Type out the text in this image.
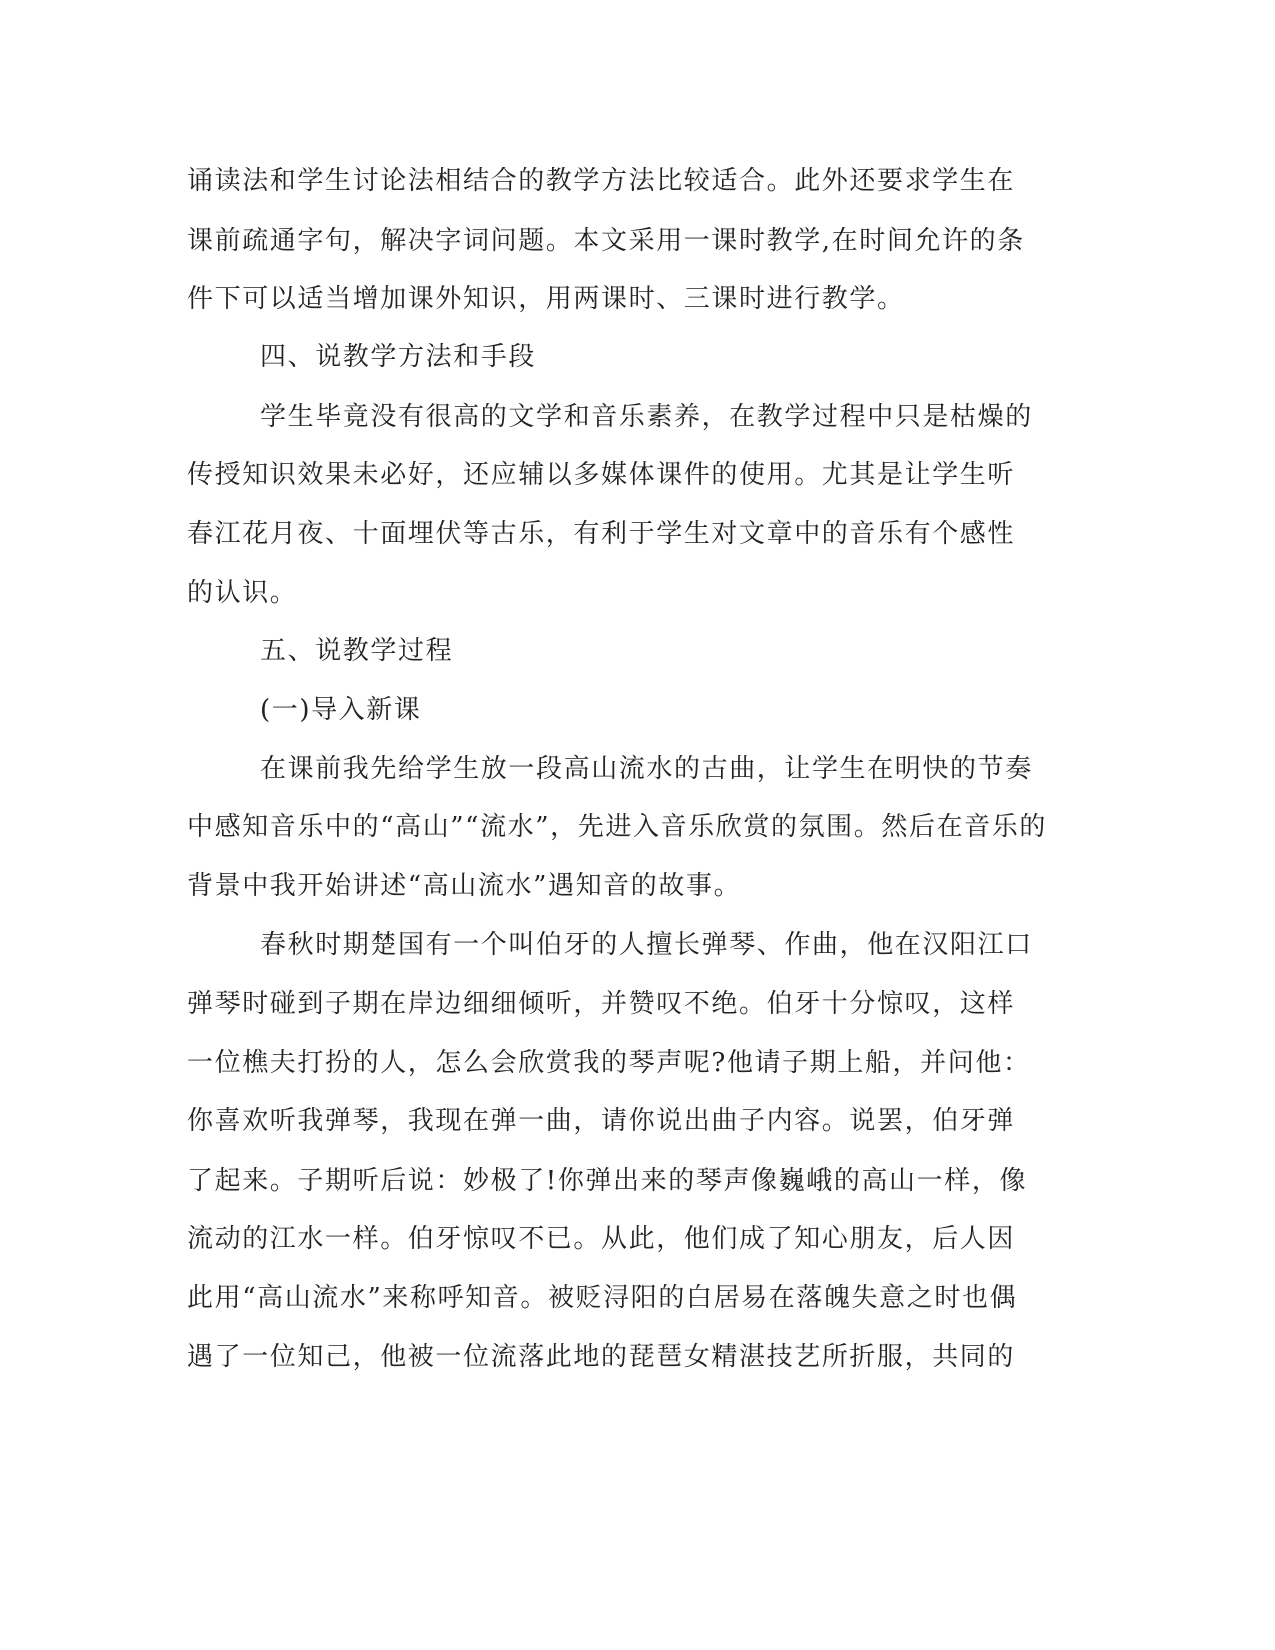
诵读法和学生讨论法相结合的教学方法比较适合。此外还要求学生在
课前疏通字句，解决字词问题。本文采用一课时教学,在时间允许的条
件下可以适当增加课外知识，用两课时、三课时进行教学。
四、说教学方法和手段
学生毕竟没有很高的文学和音乐素养，在教学过程中只是枯燥的
传授知识效果未必好，还应辅以多媒体课件的使用。尤其是让学生听
春江花月夜、十面埋伏等古乐，有利于学生对文章中的音乐有个感性
的认识。
五、说教学过程
(一)导入新课
在课前我先给学生放一段高山流水的古曲，让学生在明快的节奏
中感知音乐中的“高山”“流水”，先进入音乐欣赏的氛围。然后在音乐的
背景中我开始讲述“高山流水”遇知音的故事。
春秋时期楚国有一个叫伯牙的人擅长弹琴、作曲，他在汉阳江口
弹琴时碰到子期在岸边细细倾听，并赞叹不绝。伯牙十分惊叹，这样
一位樵夫打扮的人，怎么会欣赏我的琴声呢?他请子期上船，并问他：
你喜欢听我弹琴，我现在弹一曲，请你说出曲子内容。说罢，伯牙弹
了起来。子期听后说：妙极了!你弹出来的琴声像巍峨的高山一样，像
流动的江水一样。伯牙惊叹不已。从此，他们成了知心朋友，后人因
此用“高山流水”来称呼知音。被贬浔阳的白居易在落魄失意之时也偶
遇了一位知己，他被一位流落此地的琵琶女精湛技艺所折服，共同的
